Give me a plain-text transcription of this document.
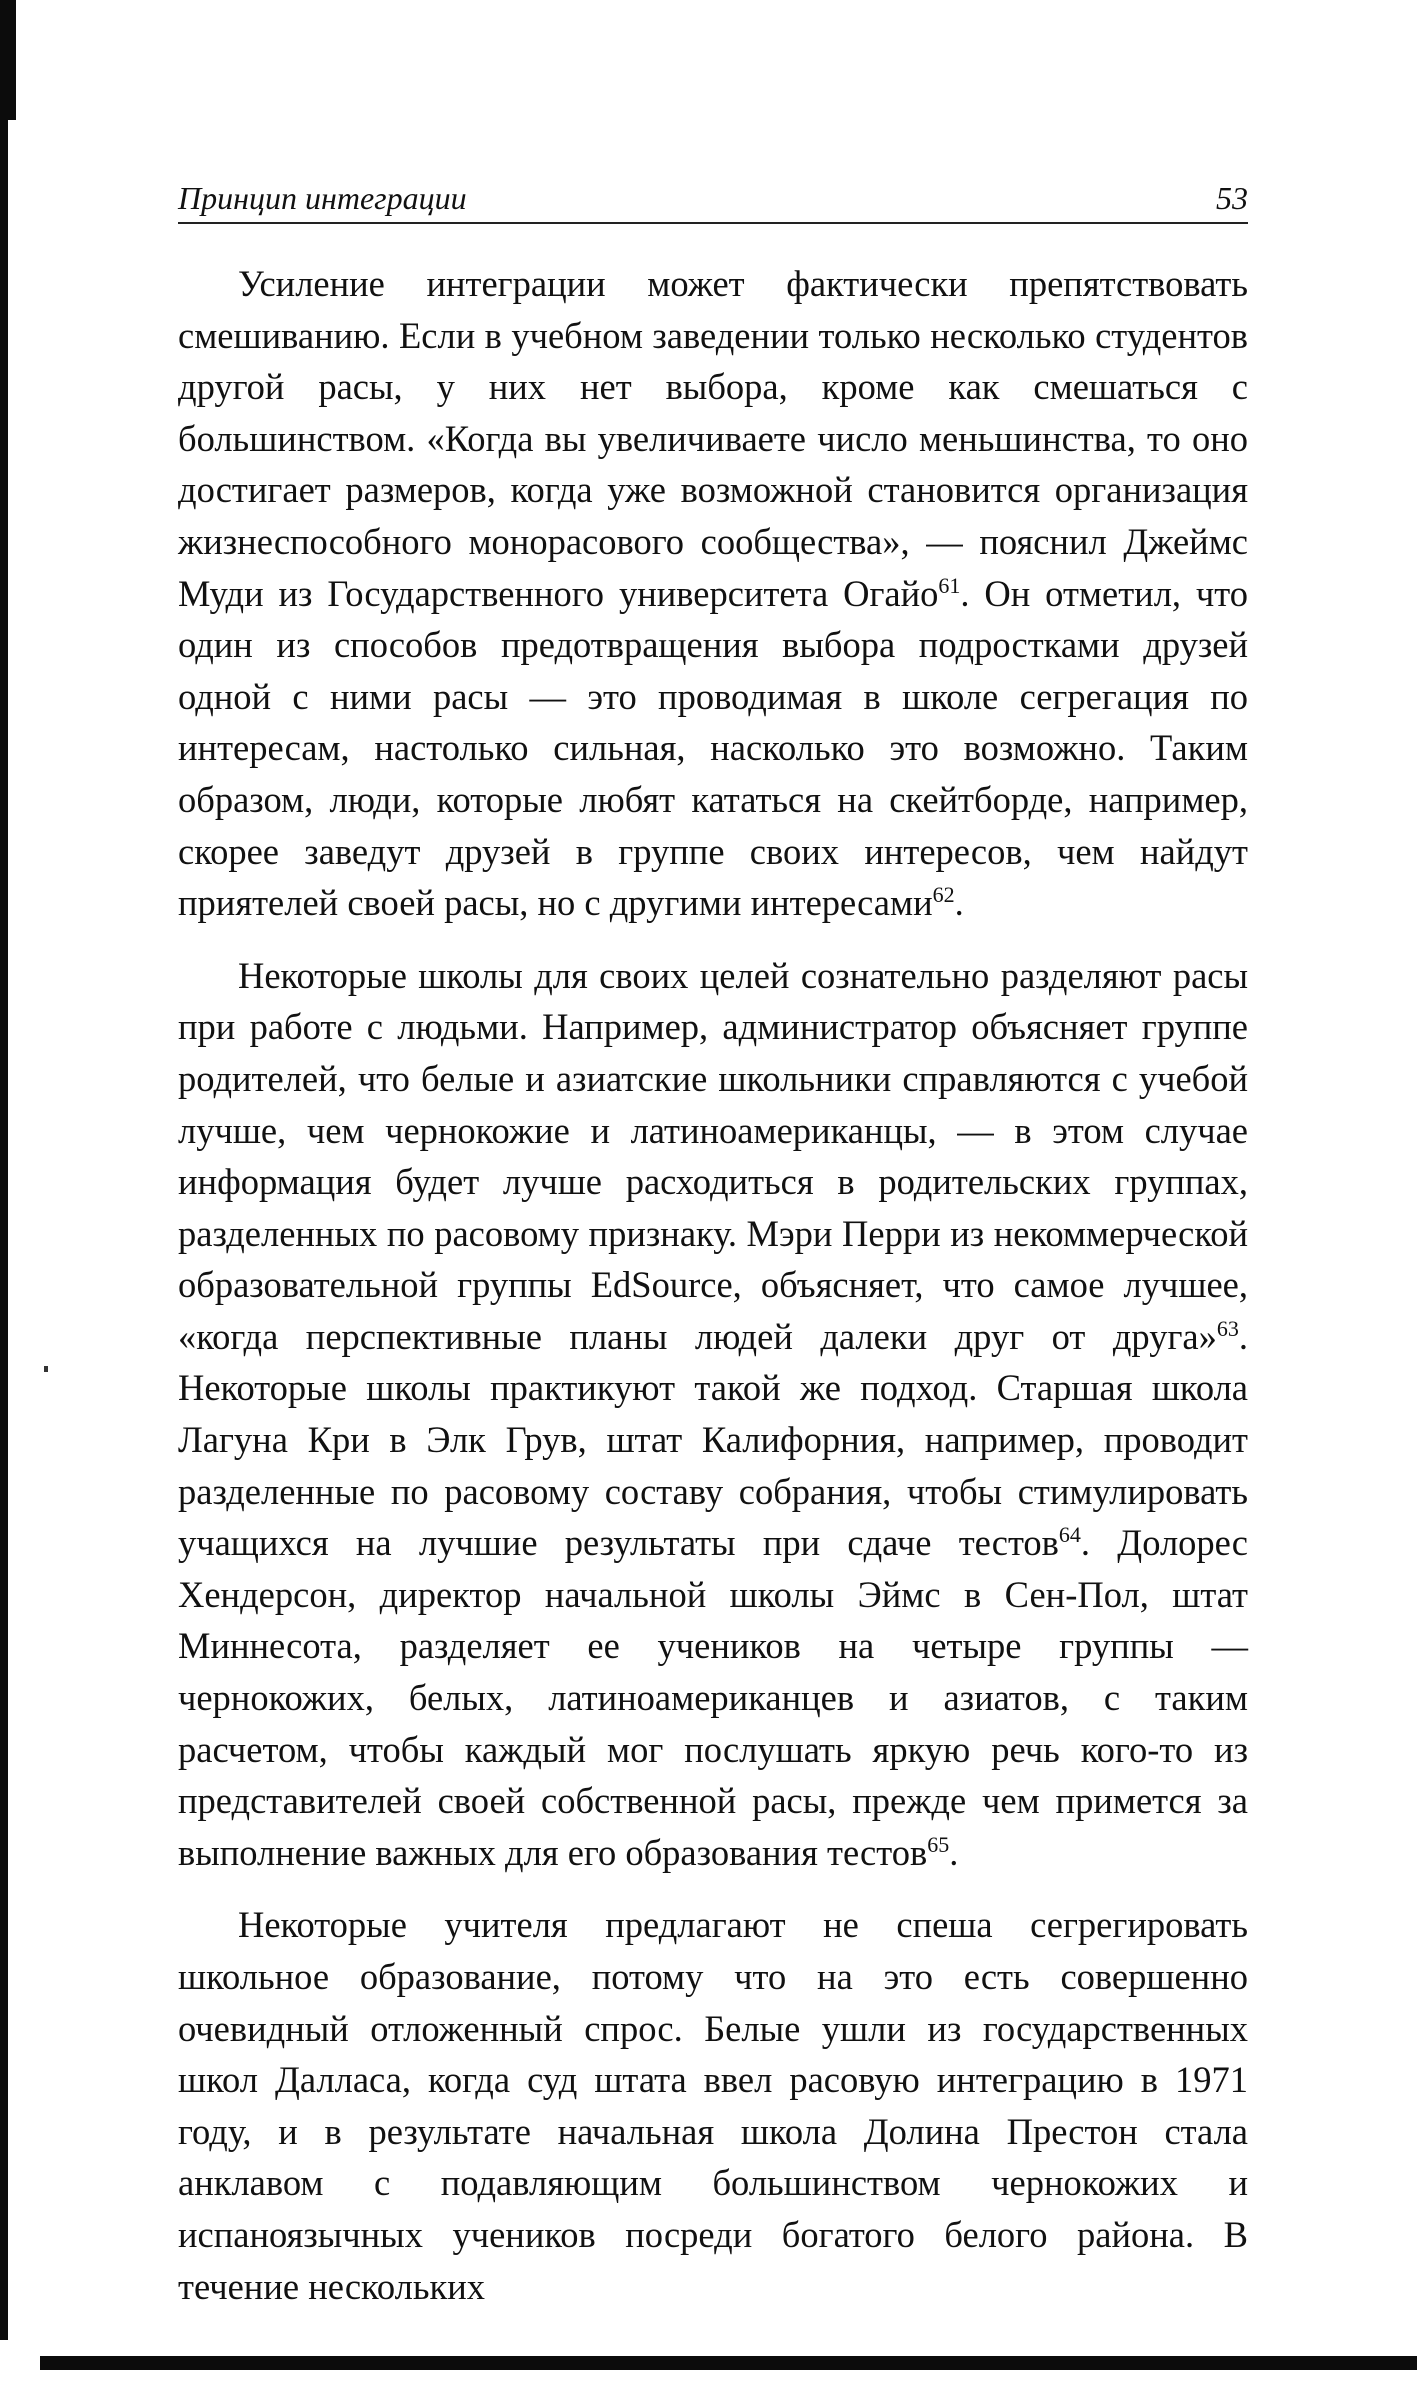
Принцип интеграции	53

Усиление интеграции может фактически препятствовать смешиванию. Если в учебном заведении только несколько студентов другой расы, у них нет выбора, кроме как смешаться с большинством. «Когда вы увеличиваете число меньшинства, то оно достигает размеров, когда уже возможной становится организация жизнеспособного монорасового сообщества», — пояснил Джеймс Муди из Государственного университета Огайо$^{61}$. Он отметил, что один из способов предотвращения выбора подростками друзей одной с ними расы — это проводимая в школе сегрегация по интересам, настолько сильная, насколько это возможно. Таким образом, люди, которые любят кататься на скейтборде, например, скорее заведут друзей в группе своих интересов, чем найдут приятелей своей расы, но с другими интересами$^{62}$.

Некоторые школы для своих целей сознательно разделяют расы при работе с людьми. Например, администратор объясняет группе родителей, что белые и азиатские школьники справляются с учебой лучше, чем чернокожие и латиноамериканцы, — в этом случае информация будет лучше расходиться в родительских группах, разделенных по расовому признаку. Мэри Перри из некоммерческой образовательной группы EdSource, объясняет, что самое лучшее, «когда перспективные планы людей далеки друг от друга»$^{63}$. Некоторые школы практикуют такой же подход. Старшая школа Лагуна Кри в Элк Грув, штат Калифорния, например, проводит разделенные по расовому составу собрания, чтобы стимулировать учащихся на лучшие результаты при сдаче тестов$^{64}$. Долорес Хендерсон, директор начальной школы Эймс в Сен-Пол, штат Миннесота, разделяет ее учеников на четыре группы — чернокожих, белых, латиноамериканцев и азиатов, с таким расчетом, чтобы каждый мог послушать яркую речь кого-то из представителей своей собственной расы, прежде чем примется за выполнение важных для его образования тестов$^{65}$.

Некоторые учителя предлагают не спеша сегрегировать школьное образование, потому что на это есть совершенно очевидный отложенный спрос. Белые ушли из государственных школ Далласа, когда суд штата ввел расовую интеграцию в 1971 году, и в результате начальная школа Долина Престон стала анклавом с подавляющим большинством чернокожих и испаноязычных учеников посреди богатого белого района. В течение нескольких
